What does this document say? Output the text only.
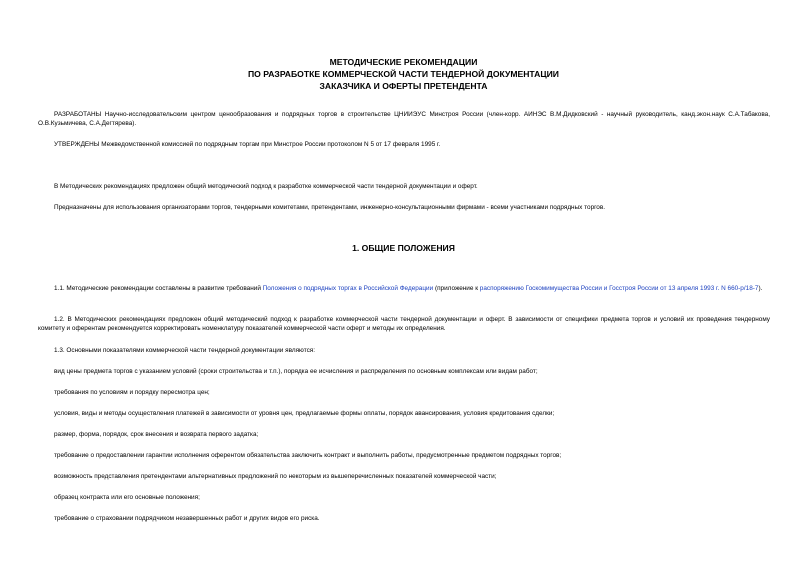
МЕТОДИЧЕСКИЕ РЕКОМЕНДАЦИИ
ПО РАЗРАБОТКЕ КОММЕРЧЕСКОЙ ЧАСТИ ТЕНДЕРНОЙ ДОКУМЕНТАЦИИ
ЗАКАЗЧИКА И ОФЕРТЫ ПРЕТЕНДЕНТА
РАЗРАБОТАНЫ Научно-исследовательским центром ценообразования и подрядных торгов в строительстве ЦНИИЭУС Минстроя России (член-корр. АИНЭС В.М.Дидковский - научный руководитель, канд.экон.наук С.А.Табакова, О.В.Кузьмичева, С.А.Дегтярева).
УТВЕРЖДЕНЫ Межведомственной комиссией по подрядным торгам при Минстрое России протоколом N 5 от 17 февраля 1995 г.
В Методических рекомендациях предложен общий методический подход к разработке коммерческой части тендерной документации и оферт.
Предназначены для использования организаторами торгов, тендерными комитетами, претендентами, инженерно-консультационными фирмами - всеми участниками подрядных торгов.
1. ОБЩИЕ ПОЛОЖЕНИЯ
1.1. Методические рекомендации составлены в развитие требований Положения о подрядных торгах в Российской Федерации (приложение к распоряжению Госкомимущества России и Госстроя России от 13 апреля 1993 г. N 660-р/18-7).
1.2. В Методических рекомендациях предложен общий методический подход к разработке коммерческой части тендерной документации и оферт. В зависимости от специфики предмета торгов и условий их проведения тендерному комитету и оферентам рекомендуется корректировать номенклатуру показателей коммерческой части оферт и методы их определения.
1.3. Основными показателями коммерческой части тендерной документации являются:
вид цены предмета торгов с указанием условий (сроки строительства и т.п.), порядка ее исчисления и распределения по основным комплексам или видам работ;
требования по условиям и порядку пересмотра цен;
условия, виды и методы осуществления платежей в зависимости от уровня цен, предлагаемые формы оплаты, порядок авансирования, условия кредитования сделки;
размер, форма, порядок, срок внесения и возврата первого задатка;
требование о предоставлении гарантии исполнения оферентом обязательства заключить контракт и выполнить работы, предусмотренные предметом подрядных торгов;
возможность представления претендентами альтернативных предложений по некоторым из вышеперечисленных показателей коммерческой части;
образец контракта или его основные положения;
требование о страховании подрядчиком незавершенных работ и других видов его риска.
